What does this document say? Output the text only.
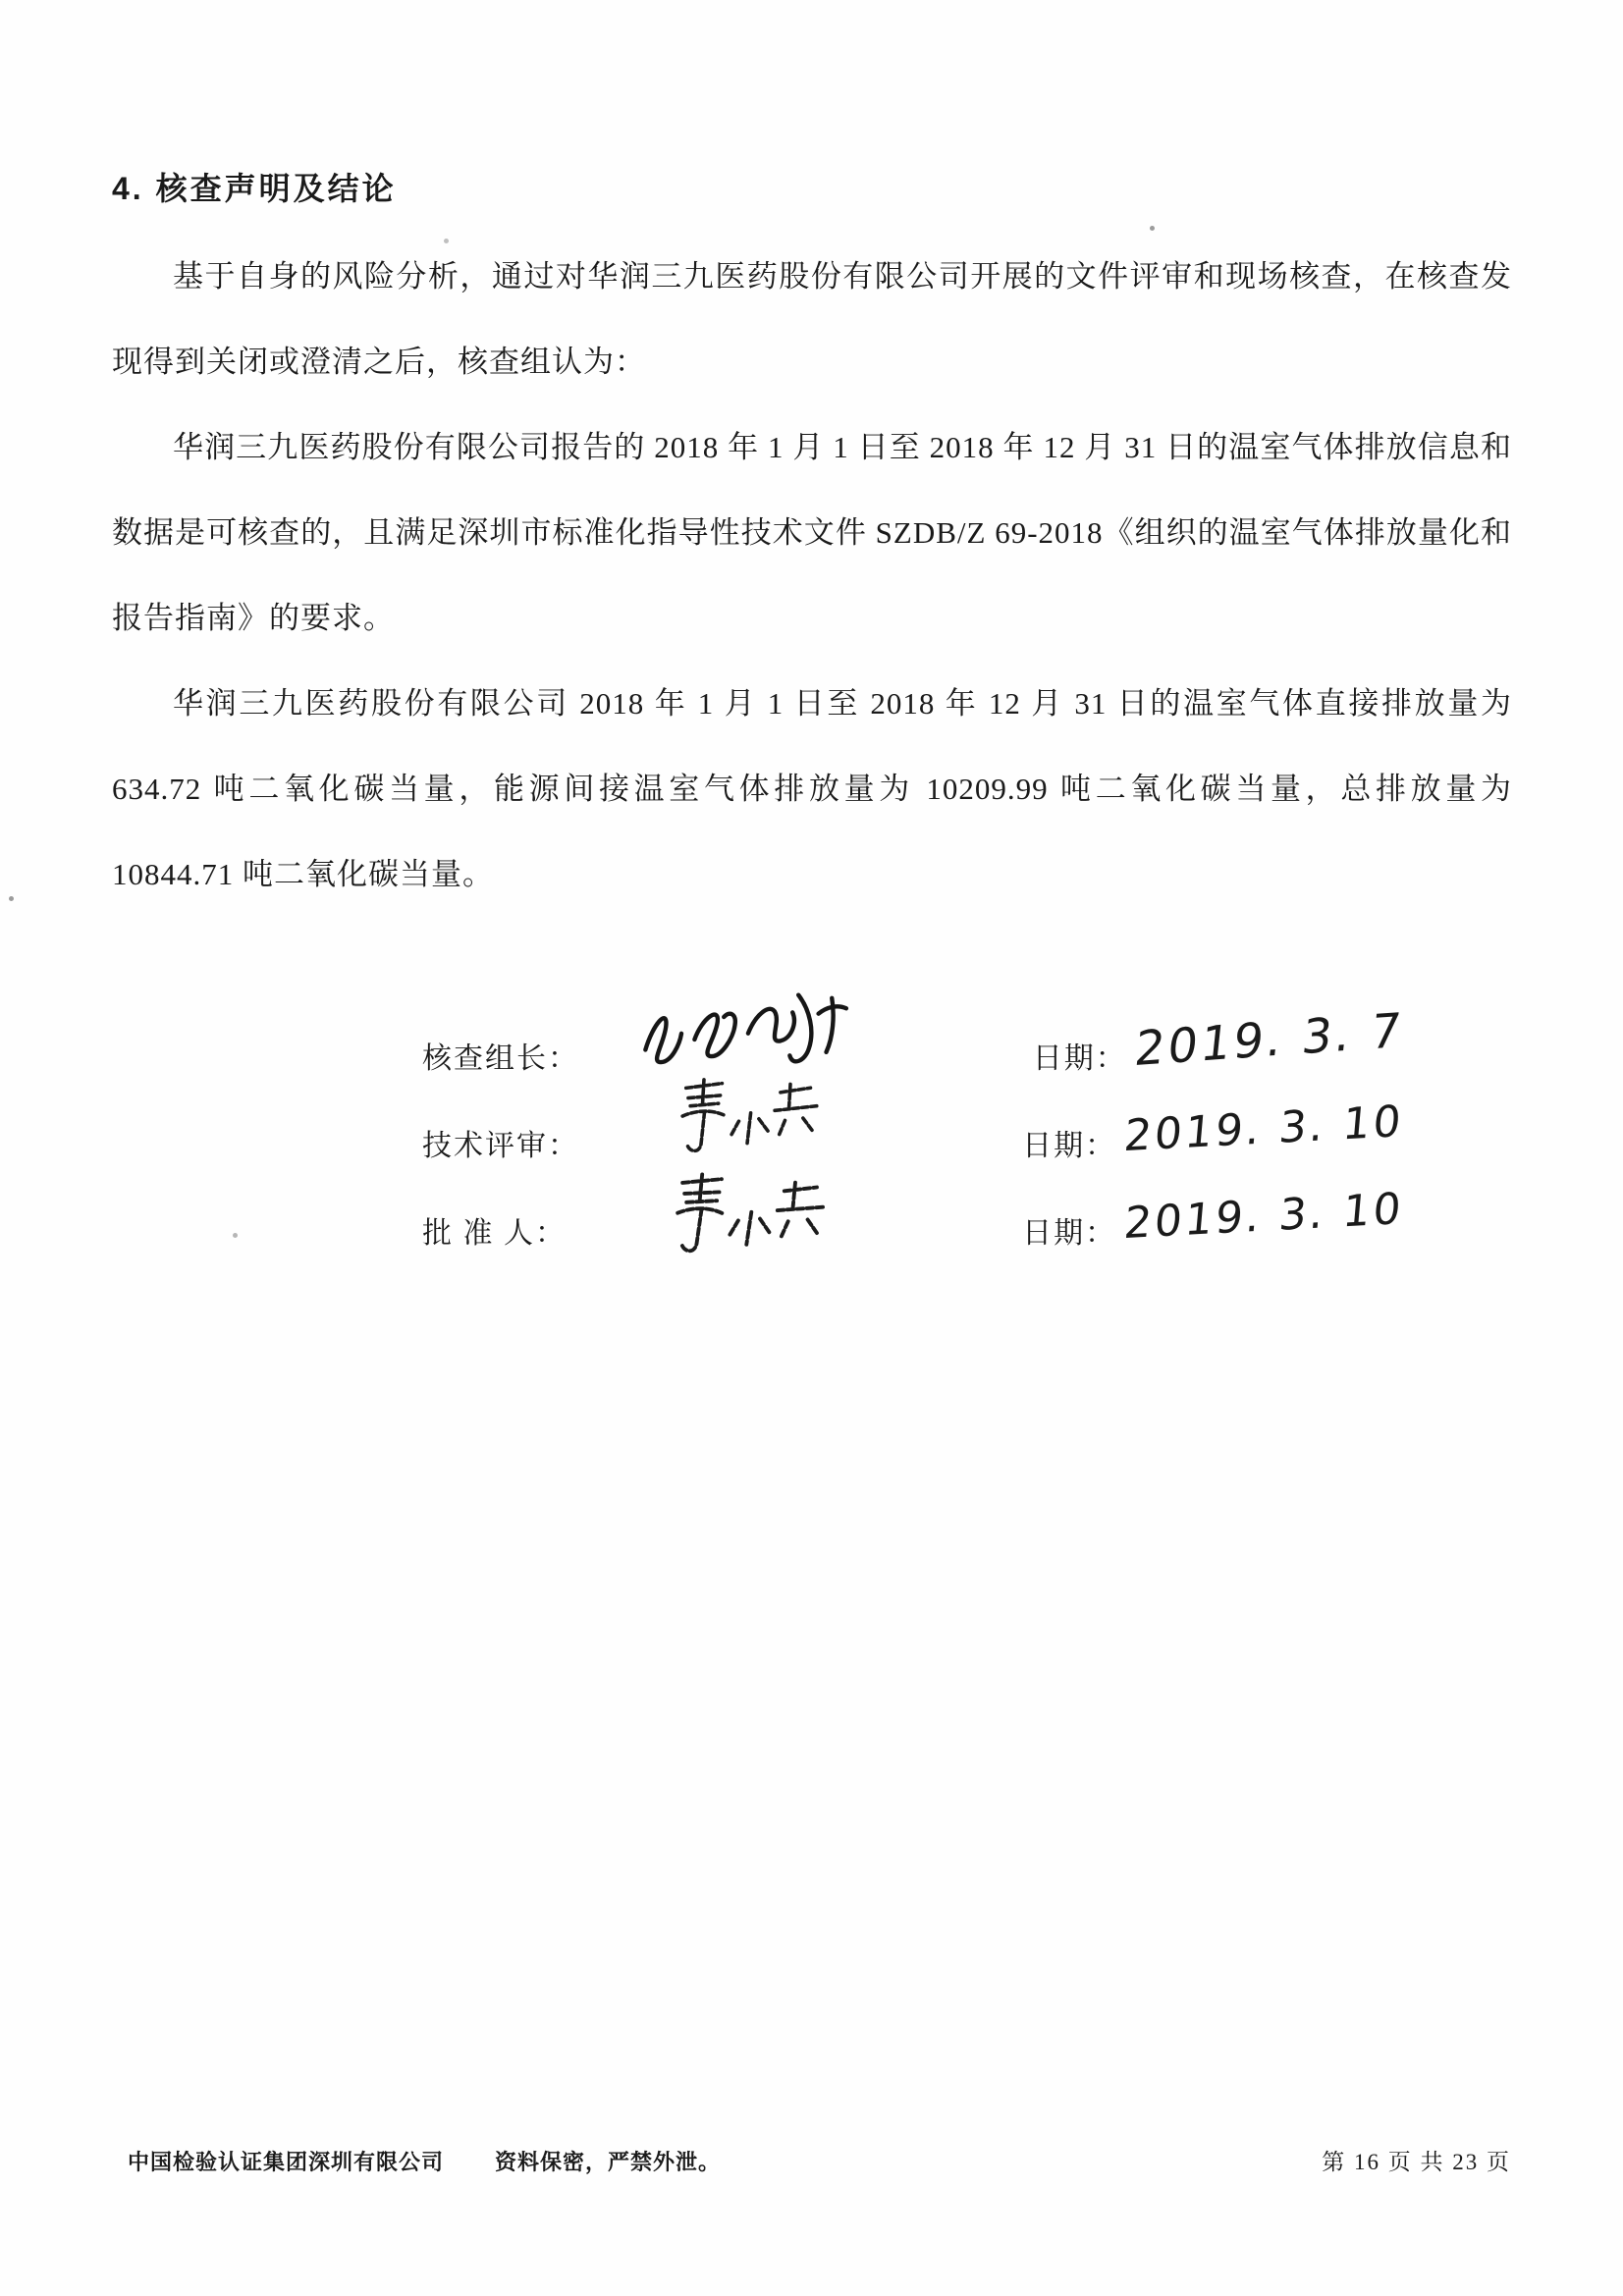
4. 核查声明及结论

基于自身的风险分析，通过对华润三九医药股份有限公司开展的文件评审和现场核查，在核查发现得到关闭或澄清之后，核查组认为：

华润三九医药股份有限公司报告的 2018 年 1 月 1 日至 2018 年 12 月 31 日的温室气体排放信息和数据是可核查的，且满足深圳市标准化指导性技术文件 SZDB/Z 69-2018《组织的温室气体排放量化和报告指南》的要求。

华润三九医药股份有限公司 2018 年 1 月 1 日至 2018 年 12 月 31 日的温室气体直接排放量为 634.72 吨二氧化碳当量，能源间接温室气体排放量为 10209.99 吨二氧化碳当量，总排放量为 10844.71 吨二氧化碳当量。

核查组长：	日期： 2019. 3. 7
技术评审：	日期： 2019. 3. 10
批 准 人：	日期： 2019. 3. 10
中国检验认证集团深圳有限公司 资料保密，严禁外泄。	第 16 页 共 23 页
